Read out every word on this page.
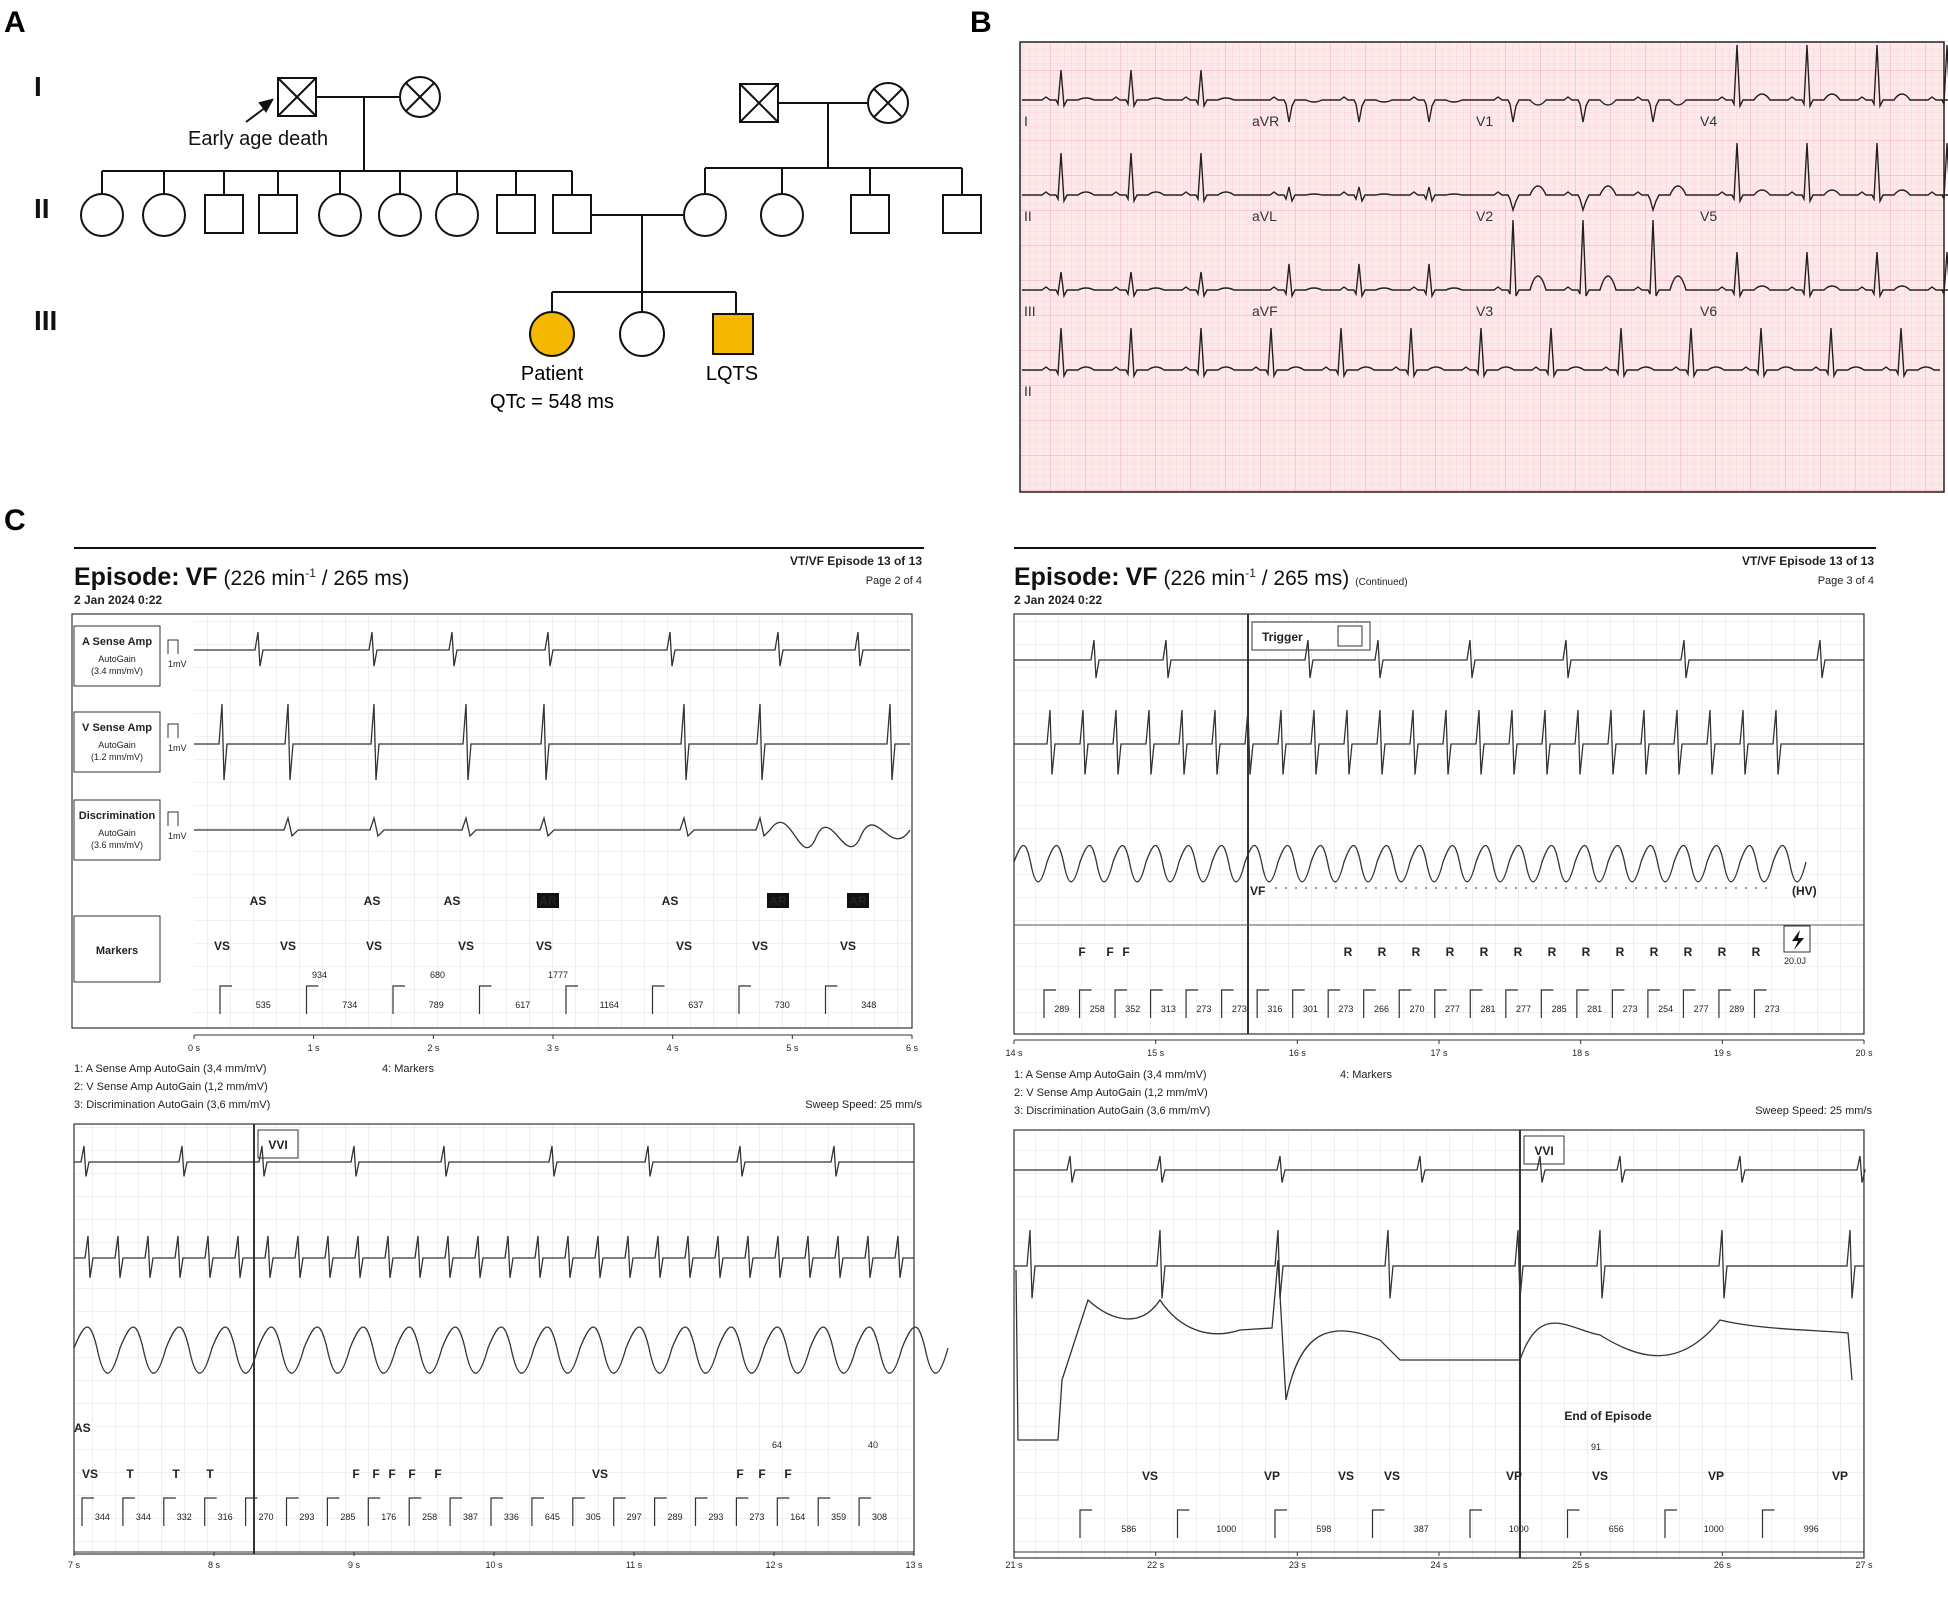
A	B
C
I
II
III
Early age death
Patient
QTc = 548 ms
LQTS
I	aVR	V1	V4
II	aVL	V2	V5
III	aVF	V3	V6
II
Episode: VF (226 $\min^{-1} / 265$ ms)
VT/VF Episode 13 of 13
Page 2 of 4
2 Jan 2024 0:22
Episode: VF (226 $\min^{-1} / 265$ ms) (Continued)
VT/VF Episode 13 of 13
Page 3 of 4
2 Jan 2024 0:22
A Sense Amp
AutoGain
(3.4 mm/mV)
V Sense Amp
AutoGain
(1.2 mm/mV)
Discrimination
AutoGain
(3.6 mm/mV)
Markers
1mV
1mV
1mV
AS	AS	AS	AR	AS	AR	AR
VS	VS	VS	VS	VS	VS	VS	VS
934	680	1777
535	734	789	617	1164	637	730	348
0 s	1 s	2 s	3 s	4 s	5 s	6 s
1: A Sense Amp AutoGain (3,4 mm/mV)
2: V Sense Amp AutoGain (1,2 mm/mV)
3: Discrimination AutoGain (3,6 mm/mV)
4: Markers
Sweep Speed: 25 mm/s
Trigger
VF	(HV)
F F F	R R R R R R R R R R R R R
20.0J
289 258 352 313 273 273 316 301 273 266 270 277 281 277 285 281 273 254 277 289 273
14 s	15 s	16 s	17 s	18 s	19 s	20 s
1: A Sense Amp AutoGain (3,4 mm/mV)
2: V Sense Amp AutoGain (1,2 mm/mV)
3: Discrimination AutoGain (3,6 mm/mV)
4: Markers
Sweep Speed: 25 mm/s
VVI
AS
VS T	T T	F F F F F	VS	F F F
64	40
344	344	332	316	270	293	285	176	258	387	336	645	305	297	289	293	273	164	359	308
7 s	8 s	9 s	10 s	11 s	12 s	13 s
VVI
End of Episode
91
VS	VP	VS VS	VP	VS	VP	VP
586	1000	598	387	1000	656	1000	996
21 s	22 s	23 s	24 s	25 s	26 s	27 s
